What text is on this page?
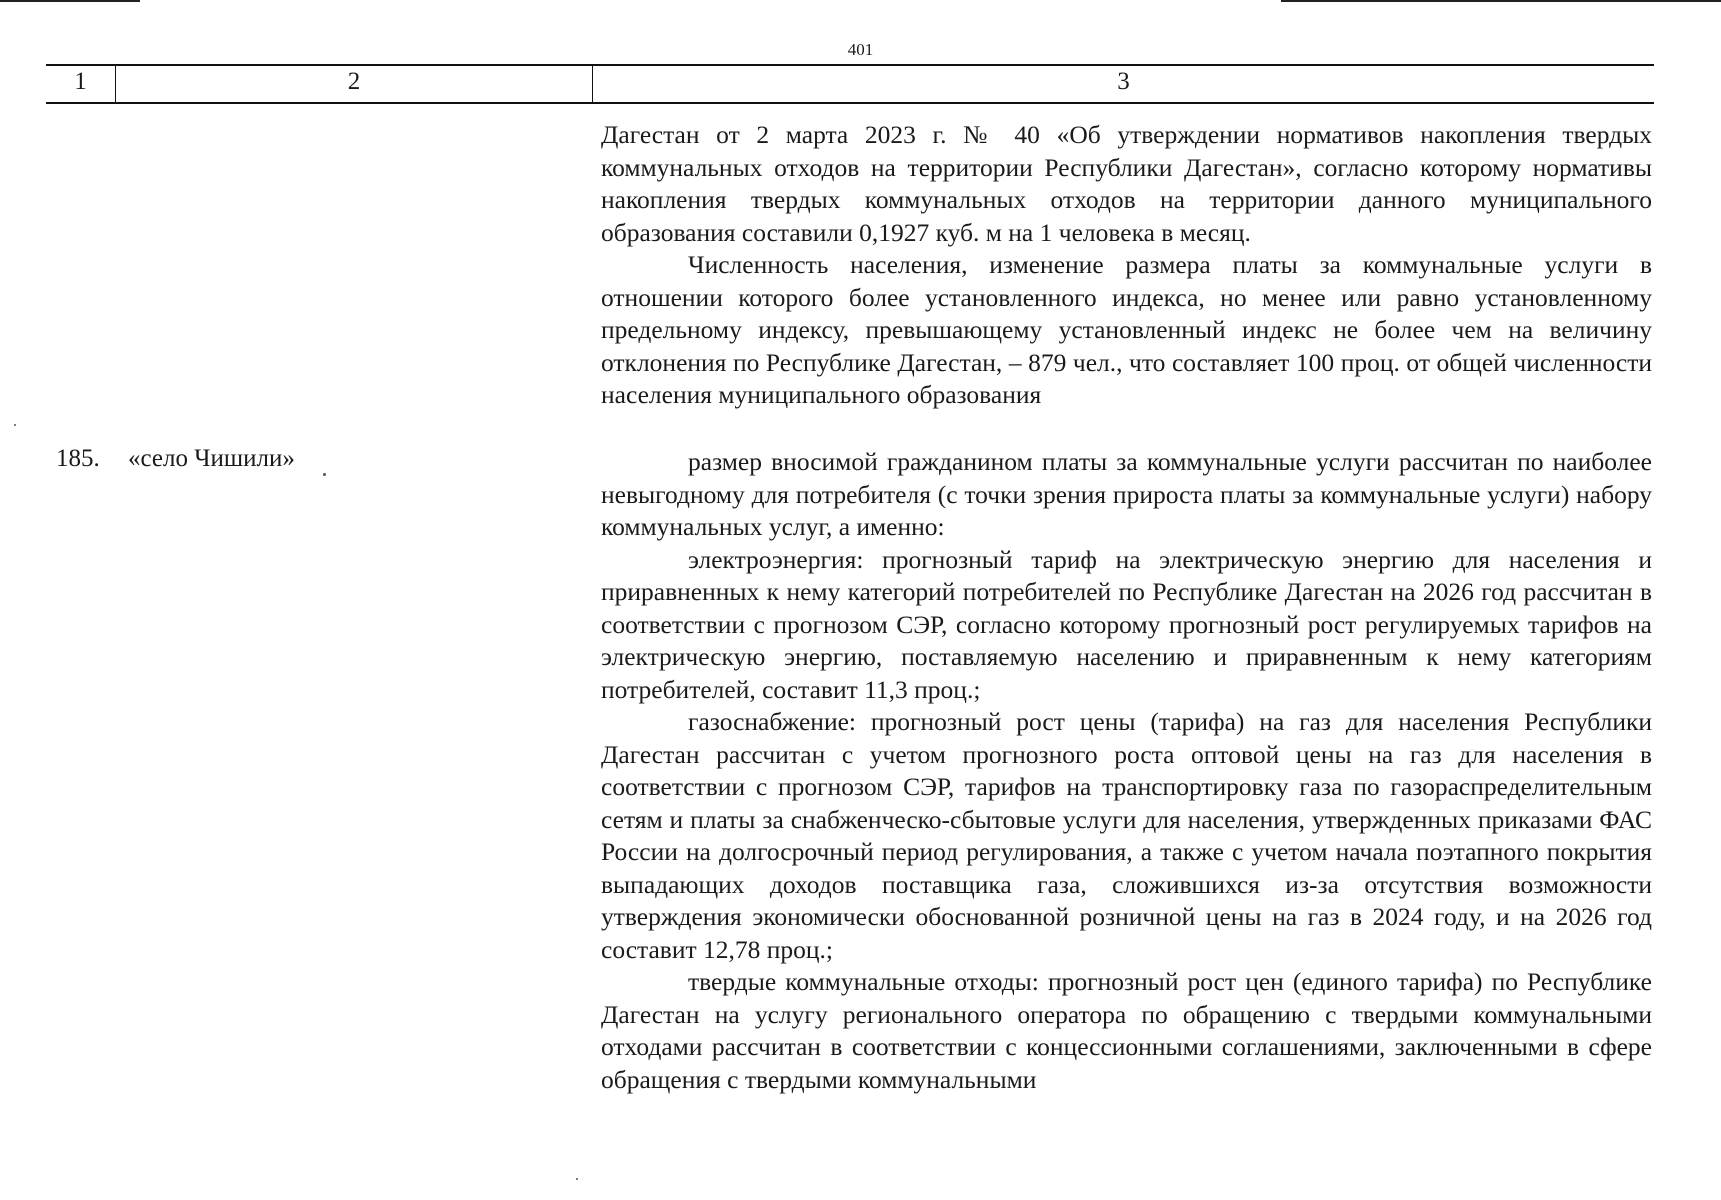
401
1	2	3

Дагестан от 2 марта 2023 г. № 40 «Об утверждении нормативов накопления твердых коммунальных отходов на территории Республики Дагестан», согласно которому нормативы накопления твердых коммунальных отходов на территории данного муниципального образования составили 0,1927 куб. м на 1 человека в месяц.

Численность населения, изменение размера платы за коммунальные услуги в отношении которого более установленного индекса, но менее или равно установленному предельному индексу, превышающему установленный индекс не более чем на величину отклонения по Республике Дагестан, – 879 чел., что составляет 100 проц. от общей численности населения муниципального образования

185. «село Чишили»	размер вносимой гражданином платы за коммунальные услуги рассчитан по наиболее невыгодному для потребителя (с точки зрения прироста платы за коммунальные услуги) набору коммунальных услуг, а именно:

электроэнергия: прогнозный тариф на электрическую энергию для населения и приравненных к нему категорий потребителей по Республике Дагестан на 2026 год рассчитан в соответствии с прогнозом СЭР, согласно которому прогнозный рост регулируемых тарифов на электрическую энергию, поставляемую населению и приравненным к нему категориям потребителей, составит 11,3 проц.;

газоснабжение: прогнозный рост цены (тарифа) на газ для населения Республики Дагестан рассчитан с учетом прогнозного роста оптовой цены на газ для населения в соответствии с прогнозом СЭР, тарифов на транспортировку газа по газораспределительным сетям и платы за снабженческо-сбытовые услуги для населения, утвержденных приказами ФАС России на долгосрочный период регулирования, а также с учетом начала поэтапного покрытия выпадающих доходов поставщика газа, сложившихся из-за отсутствия возможности утверждения экономически обоснованной розничной цены на газ в 2024 году, и на 2026 год составит 12,78 проц.;

твердые коммунальные отходы: прогнозный рост цен (единого тарифа) по Республике Дагестан на услугу регионального оператора по обращению с твердыми коммунальными отходами рассчитан в соответствии с концессионными соглашениями, заключенными в сфере обращения с твердыми коммунальными
